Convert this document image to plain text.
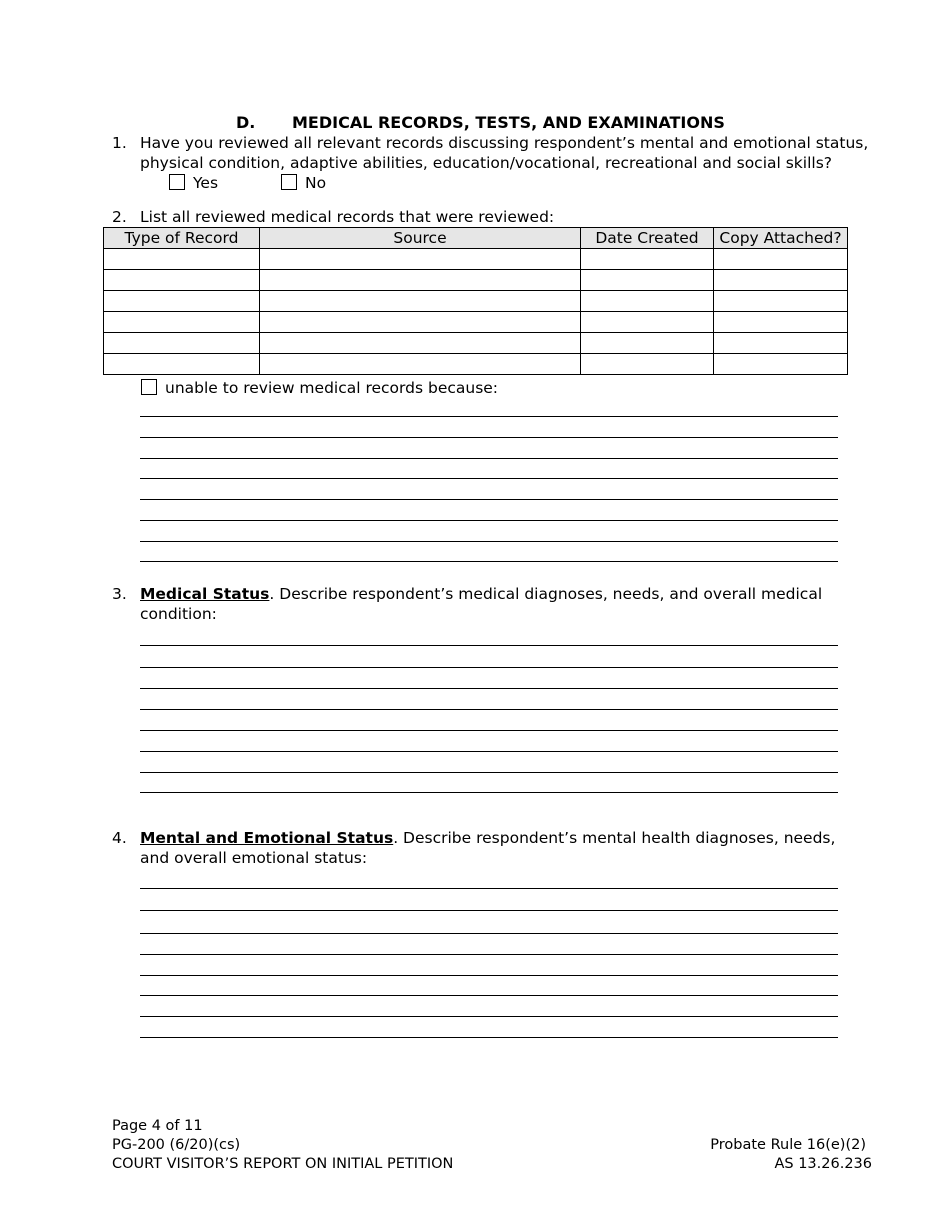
D. MEDICAL RECORDS, TESTS, AND EXAMINATIONS
1. Have you reviewed all relevant records discussing respondent’s mental and emotional status,
physical condition, adaptive abilities, education/vocational, recreational and social skills?
Yes	No
2. List all reviewed medical records that were reviewed:
Type of Record	Source	Date Created	Copy Attached?

unable to review medical records because:
3. Medical Status. Describe respondent’s medical diagnoses, needs, and overall medical
condition:
4. Mental and Emotional Status. Describe respondent’s mental health diagnoses, needs,
and overall emotional status:
Page 4 of 11
PG-200 (6/20)(cs)
COURT VISITOR’S REPORT ON INITIAL PETITION
Probate Rule 16(e)(2)
AS 13.26.236
